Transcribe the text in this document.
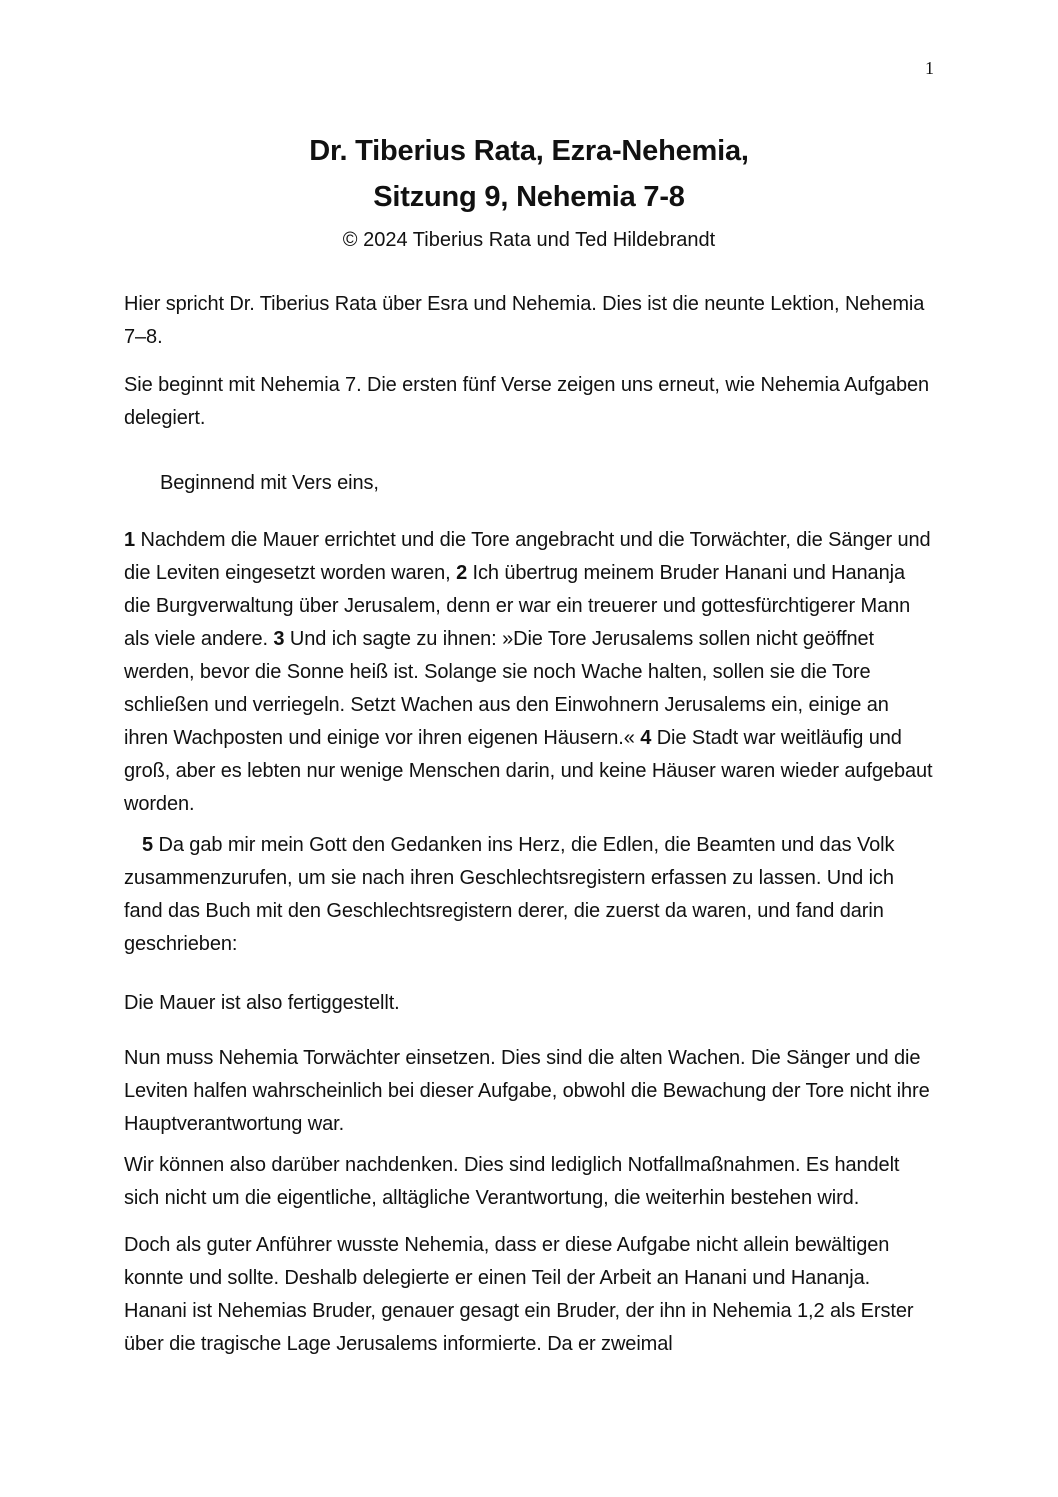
1
Dr. Tiberius Rata, Ezra-Nehemia,
Sitzung 9, Nehemia 7-8
© 2024 Tiberius Rata und Ted Hildebrandt

Hier spricht Dr. Tiberius Rata über Esra und Nehemia. Dies ist die neunte Lektion, Nehemia 7–8.

Sie beginnt mit Nehemia 7. Die ersten fünf Verse zeigen uns erneut, wie Nehemia Aufgaben delegiert.

Beginnend mit Vers eins,

1 Nachdem die Mauer errichtet und die Tore angebracht und die Torwächter, die Sänger und die Leviten eingesetzt worden waren, 2 Ich übertrug meinem Bruder Hanani und Hananja die Burgverwaltung über Jerusalem, denn er war ein treuerer und gottesfürchtigerer Mann als viele andere. 3 Und ich sagte zu ihnen: »Die Tore Jerusalems sollen nicht geöffnet werden, bevor die Sonne heiß ist. Solange sie noch Wache halten, sollen sie die Tore schließen und verriegeln. Setzt Wachen aus den Einwohnern Jerusalems ein, einige an ihren Wachposten und einige vor ihren eigenen Häusern.« 4 Die Stadt war weitläufig und groß, aber es lebten nur wenige Menschen darin, und keine Häuser waren wieder aufgebaut worden.

5 Da gab mir mein Gott den Gedanken ins Herz, die Edlen, die Beamten und das Volk zusammenzurufen, um sie nach ihren Geschlechtsregistern erfassen zu lassen. Und ich fand das Buch mit den Geschlechtsregistern derer, die zuerst da waren, und fand darin geschrieben:

Die Mauer ist also fertiggestellt.

Nun muss Nehemia Torwächter einsetzen. Dies sind die alten Wachen. Die Sänger und die Leviten halfen wahrscheinlich bei dieser Aufgabe, obwohl die Bewachung der Tore nicht ihre Hauptverantwortung war.

Wir können also darüber nachdenken. Dies sind lediglich Notfallmaßnahmen. Es handelt sich nicht um die eigentliche, alltägliche Verantwortung, die weiterhin bestehen wird.

Doch als guter Anführer wusste Nehemia, dass er diese Aufgabe nicht allein bewältigen konnte und sollte. Deshalb delegierte er einen Teil der Arbeit an Hanani und Hananja. Hanani ist Nehemias Bruder, genauer gesagt ein Bruder, der ihn in Nehemia 1,2 als Erster über die tragische Lage Jerusalems informierte. Da er zweimal
